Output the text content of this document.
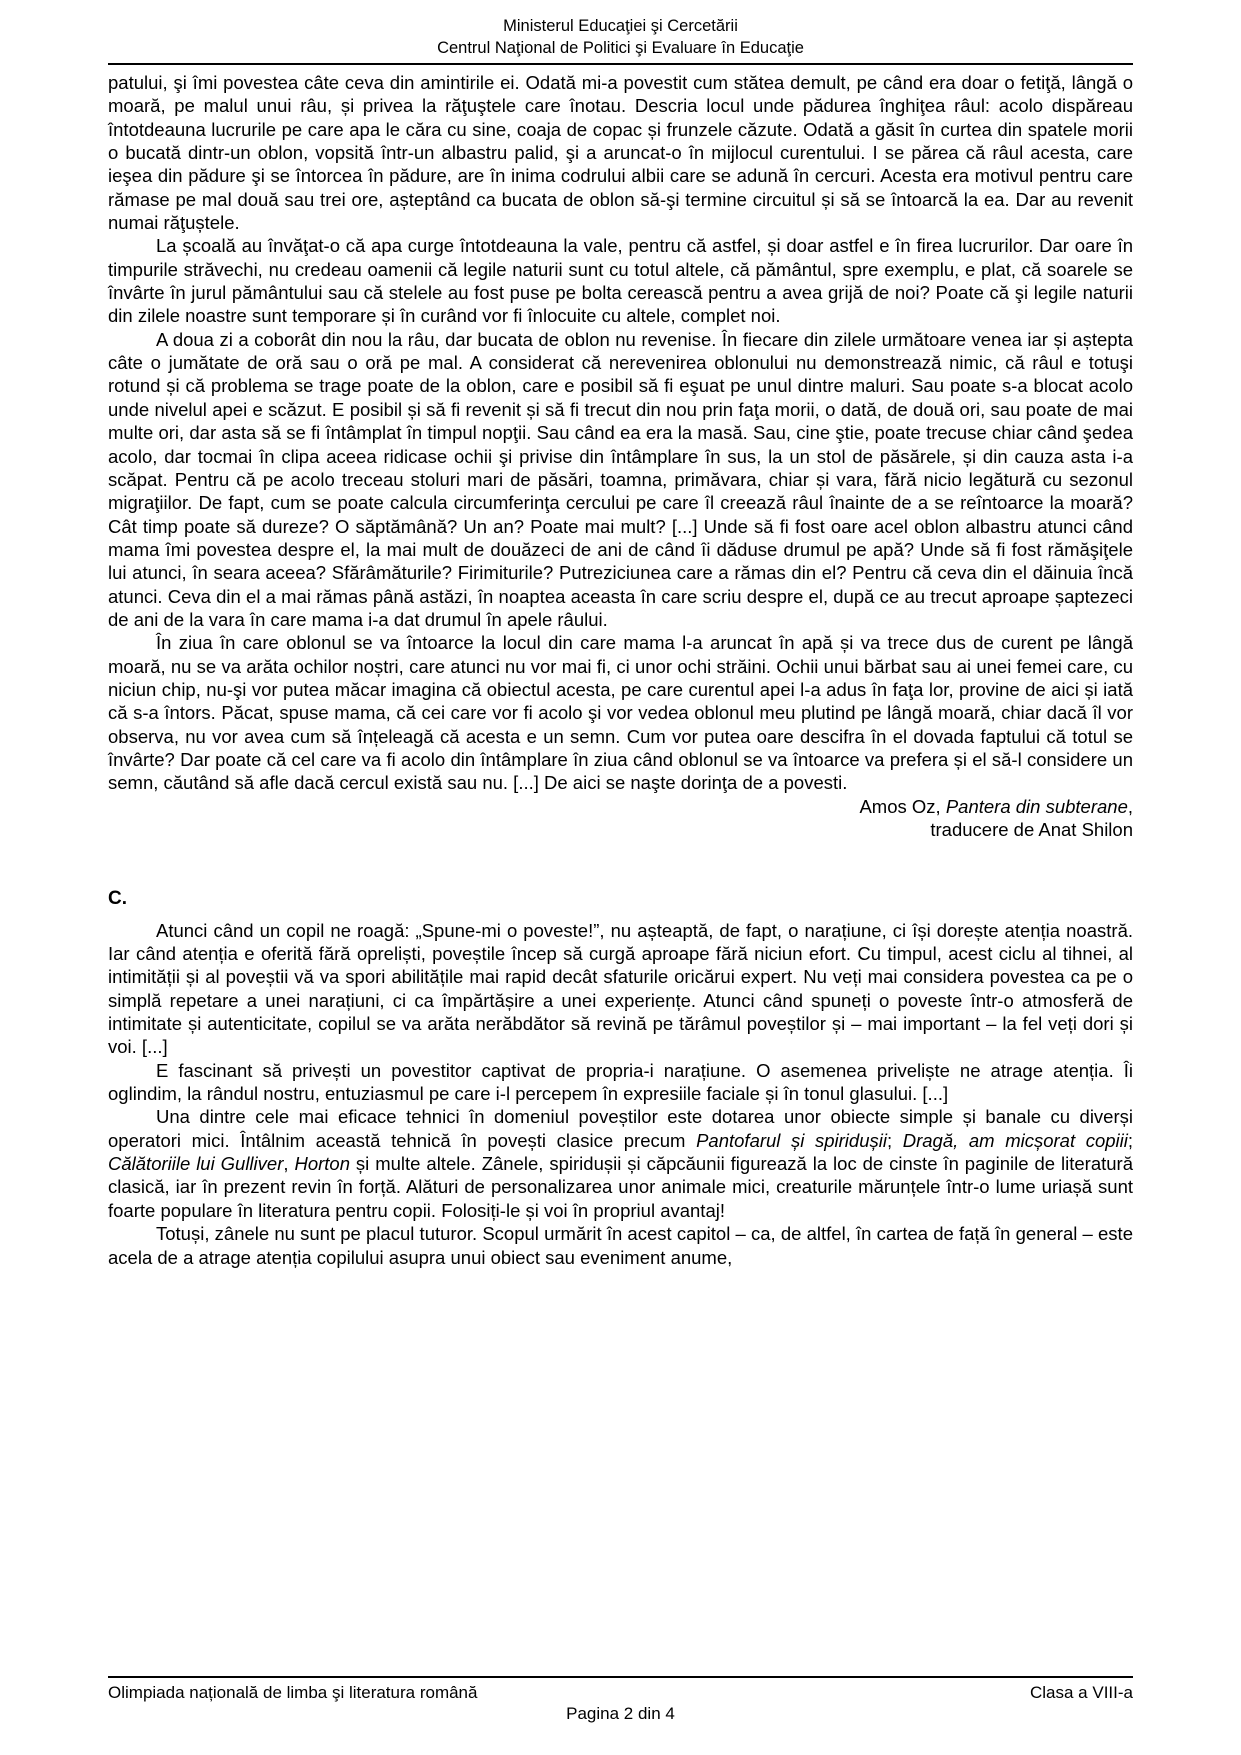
Ministerul Educaţiei şi Cercetării
Centrul Naţional de Politici şi Evaluare în Educaţie

patului, şi îmi povestea câte ceva din amintirile ei. Odată mi-a povestit cum stătea demult, pe când era doar o fetiţă, lângă o moară, pe malul unui râu, și privea la răţuştele care înotau. Descria locul unde pădurea înghiţea râul: acolo dispăreau întotdeauna lucrurile pe care apa le căra cu sine, coaja de copac și frunzele căzute. Odată a găsit în curtea din spatele morii o bucată dintr-un oblon, vopsită într-un albastru palid, şi a aruncat-o în mijlocul curentului. I se părea că râul acesta, care ieşea din pădure şi se întorcea în pădure, are în inima codrului albii care se adună în cercuri. Acesta era motivul pentru care rămase pe mal două sau trei ore, așteptând ca bucata de oblon să-şi termine circuitul și să se întoarcă la ea. Dar au revenit numai răţuștele.

La școală au învăţat-o că apa curge întotdeauna la vale, pentru că astfel, și doar astfel e în firea lucrurilor. Dar oare în timpurile străvechi, nu credeau oamenii că legile naturii sunt cu totul altele, că pământul, spre exemplu, e plat, că soarele se învârte în jurul pământului sau că stelele au fost puse pe bolta cerească pentru a avea grijă de noi? Poate că şi legile naturii din zilele noastre sunt temporare și în curând vor fi înlocuite cu altele, complet noi.

A doua zi a coborât din nou la râu, dar bucata de oblon nu revenise. În fiecare din zilele următoare venea iar și aștepta câte o jumătate de oră sau o oră pe mal. A considerat că nerevenirea oblonului nu demonstrează nimic, că râul e totuşi rotund și că problema se trage poate de la oblon, care e posibil să fi eşuat pe unul dintre maluri. Sau poate s-a blocat acolo unde nivelul apei e scăzut. E posibil și să fi revenit și să fi trecut din nou prin faţa morii, o dată, de două ori, sau poate de mai multe ori, dar asta să se fi întâmplat în timpul nopţii. Sau când ea era la masă. Sau, cine ştie, poate trecuse chiar când şedea acolo, dar tocmai în clipa aceea ridicase ochii şi privise din întâmplare în sus, la un stol de păsărele, și din cauza asta i-a scăpat. Pentru că pe acolo treceau stoluri mari de păsări, toamna, primăvara, chiar și vara, fără nicio legătură cu sezonul migraţiilor. De fapt, cum se poate calcula circumferinţa cercului pe care îl creează râul înainte de a se reîntoarce la moară? Cât timp poate să dureze? O săptămână? Un an? Poate mai mult? [...] Unde să fi fost oare acel oblon albastru atunci când mama îmi povestea despre el, la mai mult de douăzeci de ani de când îi dăduse drumul pe apă? Unde să fi fost rămăşiţele lui atunci, în seara aceea? Sfărâmăturile? Firimiturile? Putreziciunea care a rămas din el? Pentru că ceva din el dăinuia încă atunci. Ceva din el a mai rămas până astăzi, în noaptea aceasta în care scriu despre el, după ce au trecut aproape șaptezeci de ani de la vara în care mama i-a dat drumul în apele râului.

În ziua în care oblonul se va întoarce la locul din care mama l-a aruncat în apă și va trece dus de curent pe lângă moară, nu se va arăta ochilor noștri, care atunci nu vor mai fi, ci unor ochi străini. Ochii unui bărbat sau ai unei femei care, cu niciun chip, nu-şi vor putea măcar imagina că obiectul acesta, pe care curentul apei l-a adus în faţa lor, provine de aici și iată că s-a întors. Păcat, spuse mama, că cei care vor fi acolo şi vor vedea oblonul meu plutind pe lângă moară, chiar dacă îl vor observa, nu vor avea cum să înțeleagă că acesta e un semn. Cum vor putea oare descifra în el dovada faptului că totul se învârte? Dar poate că cel care va fi acolo din întâmplare în ziua când oblonul se va întoarce va prefera și el să-l considere un semn, căutând să afle dacă cercul există sau nu. [...] De aici se naşte dorinţa de a povesti.

Amos Oz, Pantera din subterane,
traducere de Anat Shilon
C.

Atunci când un copil ne roagă: „Spune-mi o poveste!”, nu așteaptă, de fapt, o narațiune, ci își dorește atenția noastră. Iar când atenția e oferită fără opreliști, poveștile încep să curgă aproape fără niciun efort. Cu timpul, acest ciclu al tihnei, al intimității și al poveștii vă va spori abilitățile mai rapid decât sfaturile oricărui expert. Nu veți mai considera povestea ca pe o simplă repetare a unei narațiuni, ci ca împărtășire a unei experiențe. Atunci când spuneți o poveste într-o atmosferă de intimitate și autenticitate, copilul se va arăta nerăbdător să revină pe tărâmul poveștilor și – mai important – la fel veți dori și voi. [...]

E fascinant să privești un povestitor captivat de propria-i narațiune. O asemenea priveliște ne atrage atenția. Îi oglindim, la rândul nostru, entuziasmul pe care i-l percepem în expresiile faciale și în tonul glasului. [...]

Una dintre cele mai eficace tehnici în domeniul poveștilor este dotarea unor obiecte simple și banale cu diverși operatori mici. Întâlnim această tehnică în povești clasice precum Pantofarul și spiridușii; Dragă, am micșorat copiii; Călătoriile lui Gulliver, Horton și multe altele. Zânele, spiridușii și căpcăunii figurează la loc de cinste în paginile de literatură clasică, iar în prezent revin în forță. Alături de personalizarea unor animale mici, creaturile mărunțele într-o lume uriașă sunt foarte populare în literatura pentru copii. Folosiți-le și voi în propriul avantaj!

Totuși, zânele nu sunt pe placul tuturor. Scopul urmărit în acest capitol – ca, de altfel, în cartea de față în general – este acela de a atrage atenția copilului asupra unui obiect sau eveniment anume,

Olimpiada națională de limba şi literatura română	Clasa a VIII-a
Pagina 2 din 4
